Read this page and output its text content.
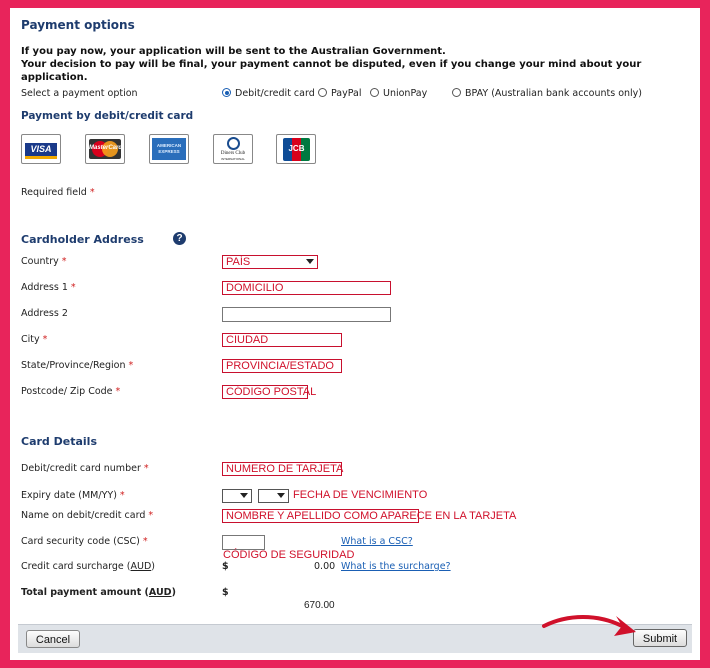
Payment options
If you pay now, your application will be sent to the Australian Government.
Your decision to pay will be final, your payment cannot be disputed, even if you change your mind about your application.
Select a payment option	Debit/credit card	PayPal	UnionPay	BPAY (Australian bank accounts only)
Payment by debit/credit card
VISA	MasterCard	AMERICAN EXPRESS	Diners Club
INTERNATIONAL
JCB
Required field *
Cardholder Address	?
Country *	PAÍS
Address 1 *	DOMICILIO
Address 2
City *	CIUDAD
State/Province/Region *	PROVINCIA/ESTADO
Postcode/ Zip Code *	CÓDIGO POSTAL
Card Details
Debit/credit card number *	NUMERO DE TARJETA
Expiry date (MM/YY) *	FECHA DE VENCIMIENTO
Name on debit/credit card *	NOMBRE Y APELLIDO COMO APARECE EN LA TARJETA
Card security code (CSC) *	What is a CSC?
CÓDIGO DE SEGURIDAD
Credit card surcharge (AUD)	$	0.00 What is the surcharge?
Total payment amount (AUD)	$
670.00
Cancel	Submit
